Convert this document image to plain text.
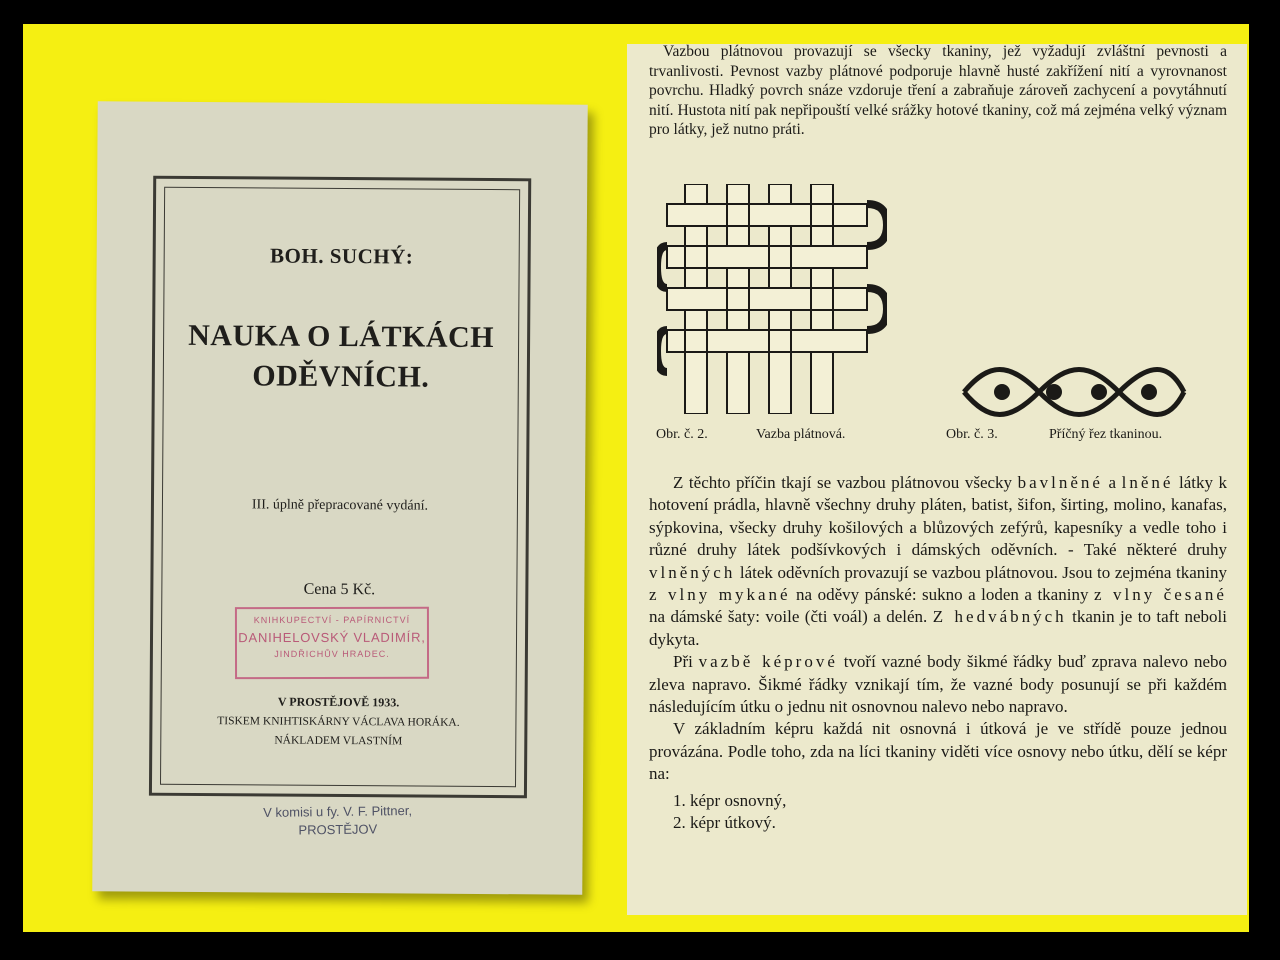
BOH. SUCHÝ:
NAUKA O LÁTKÁCH
ODĚVNÍCH.
III. úplně přepracované vydání.
Cena 5 Kč.
KNIHKUPECTVÍ - PAPÍRNICTVÍ
DANIHELOVSKÝ VLADIMÍR,
JINDŘICHŮV HRADEC.
V PROSTĚJOVĚ 1933.
TISKEM KNIHTISKÁRNY VÁCLAVA HORÁKA.
NÁKLADEM VLASTNÍM
V komisi u fy. V. F. Pittner,
PROSTĚJOV
Vazbou plátnovou provazují se všecky tkaniny, jež vyžadují zvláštní pevnosti a trvanlivosti. Pevnost vazby plátnové podporuje hlavně husté zakřížení nití a vyrovnanost povrchu. Hladký povrch snáze vzdoruje tření a zabraňuje zároveň zachycení a povytáhnutí nití. Hustota nití pak nepřipouští velké srážky hotové tkaniny, což má zejména velký význam pro látky, jež nutno práti.
Obr. č. 2.	Vazba plátnová.	Obr. č. 3.	Příčný řez tkaninou.

Z těchto příčin tkají se vazbou plátnovou všecky bavlněné a lněné látky k hotovení prádla, hlavně všechny druhy pláten, batist, šifon, širting, molino, kanafas, sýpkovina, všecky druhy košilových a blůzových zefýrů, kapesníky a vedle toho i různé druhy látek podšívkových i dámských oděvních. - Také některé druhy vlněných látek oděvních provazují se vazbou plátnovou. Jsou to zejména tkaniny z vlny mykané na oděvy pánské: sukno a loden a tkaniny z vlny česané na dámské šaty: voile (čti voál) a delén. Z hedvábných tkanin je to taft neboli dykyta.

Při vazbě képrové tvoří vazné body šikmé řádky buď zprava nalevo nebo zleva napravo. Šikmé řádky vznikají tím, že vazné body posunují se při každém následujícím útku o jednu nit osnovnou nalevo nebo napravo.

V základním képru každá nit osnovná i útková je ve střídě pouze jednou provázána. Podle toho, zda na líci tkaniny viděti více osnovy nebo útku, dělí se képr na:

1. képr osnovný,
2. képr útkový.
